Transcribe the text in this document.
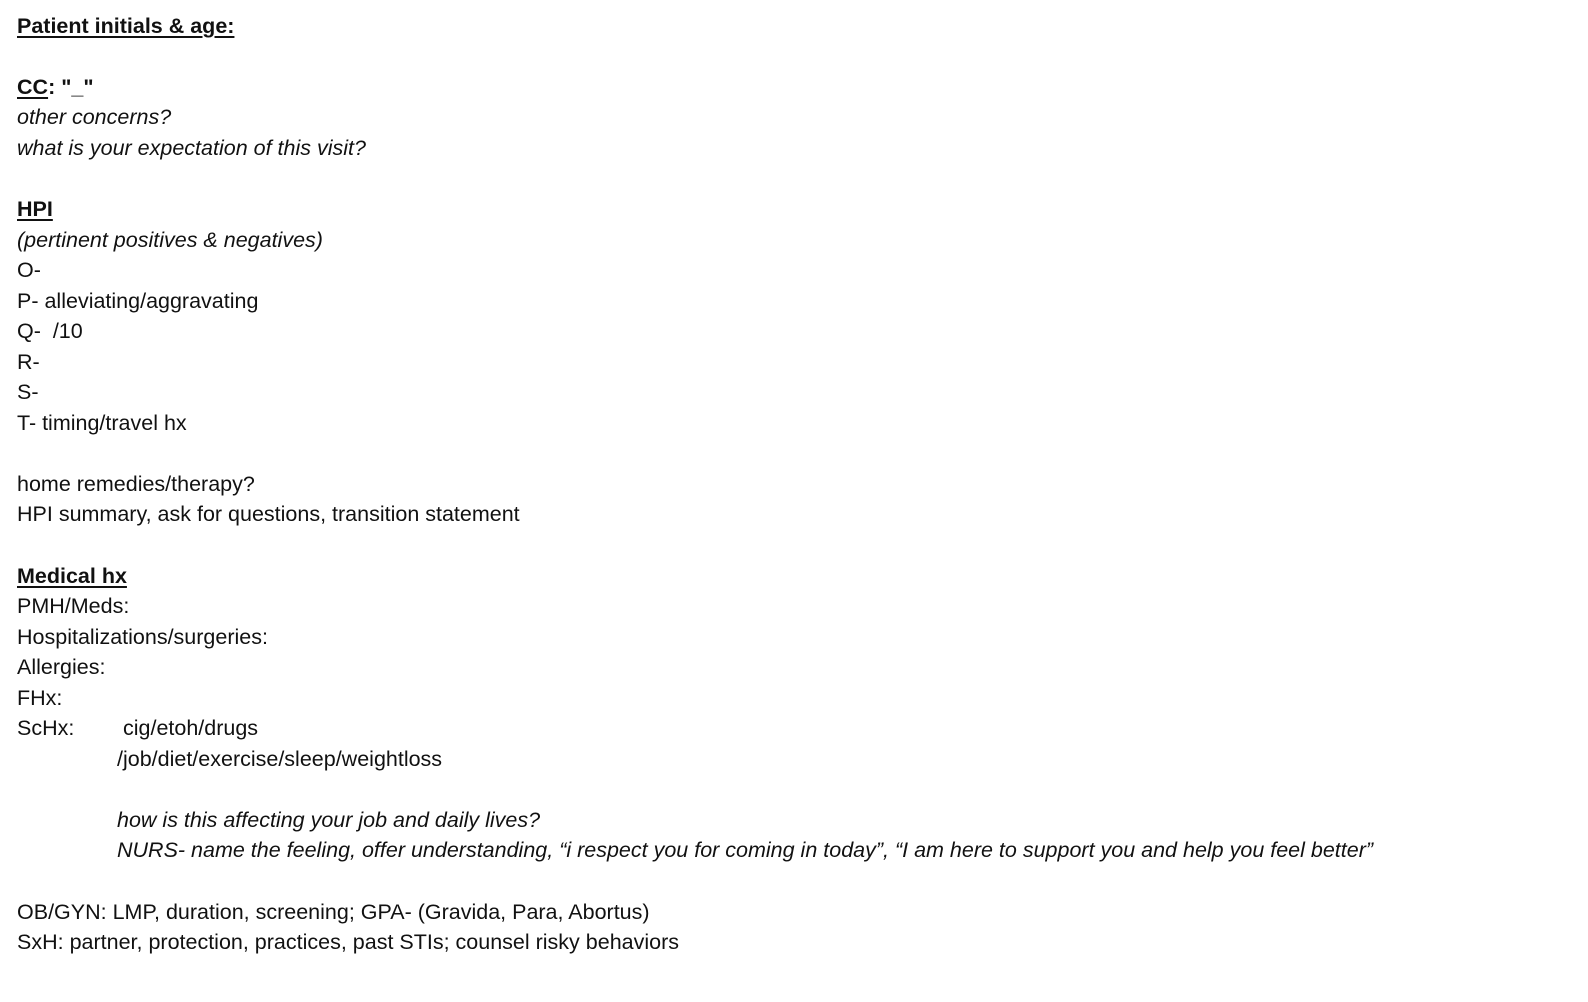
Patient initials & age:
CC: "_"
other concerns?
what is your expectation of this visit?
HPI
(pertinent positives & negatives)
O-
P- alleviating/aggravating
Q-  /10
R-
S-
T- timing/travel hx
home remedies/therapy?
HPI summary, ask for questions, transition statement
Medical hx
PMH/Meds:
Hospitalizations/surgeries:
Allergies:
FHx:
ScHx: cig/etoh/drugs
/job/diet/exercise/sleep/weightloss
how is this affecting your job and daily lives?
NURS- name the feeling, offer understanding, “i respect you for coming in today”, “I am here to support you and help you feel better”
OB/GYN: LMP, duration, screening; GPA- (Gravida, Para, Abortus)
SxH: partner, protection, practices, past STIs; counsel risky behaviors
